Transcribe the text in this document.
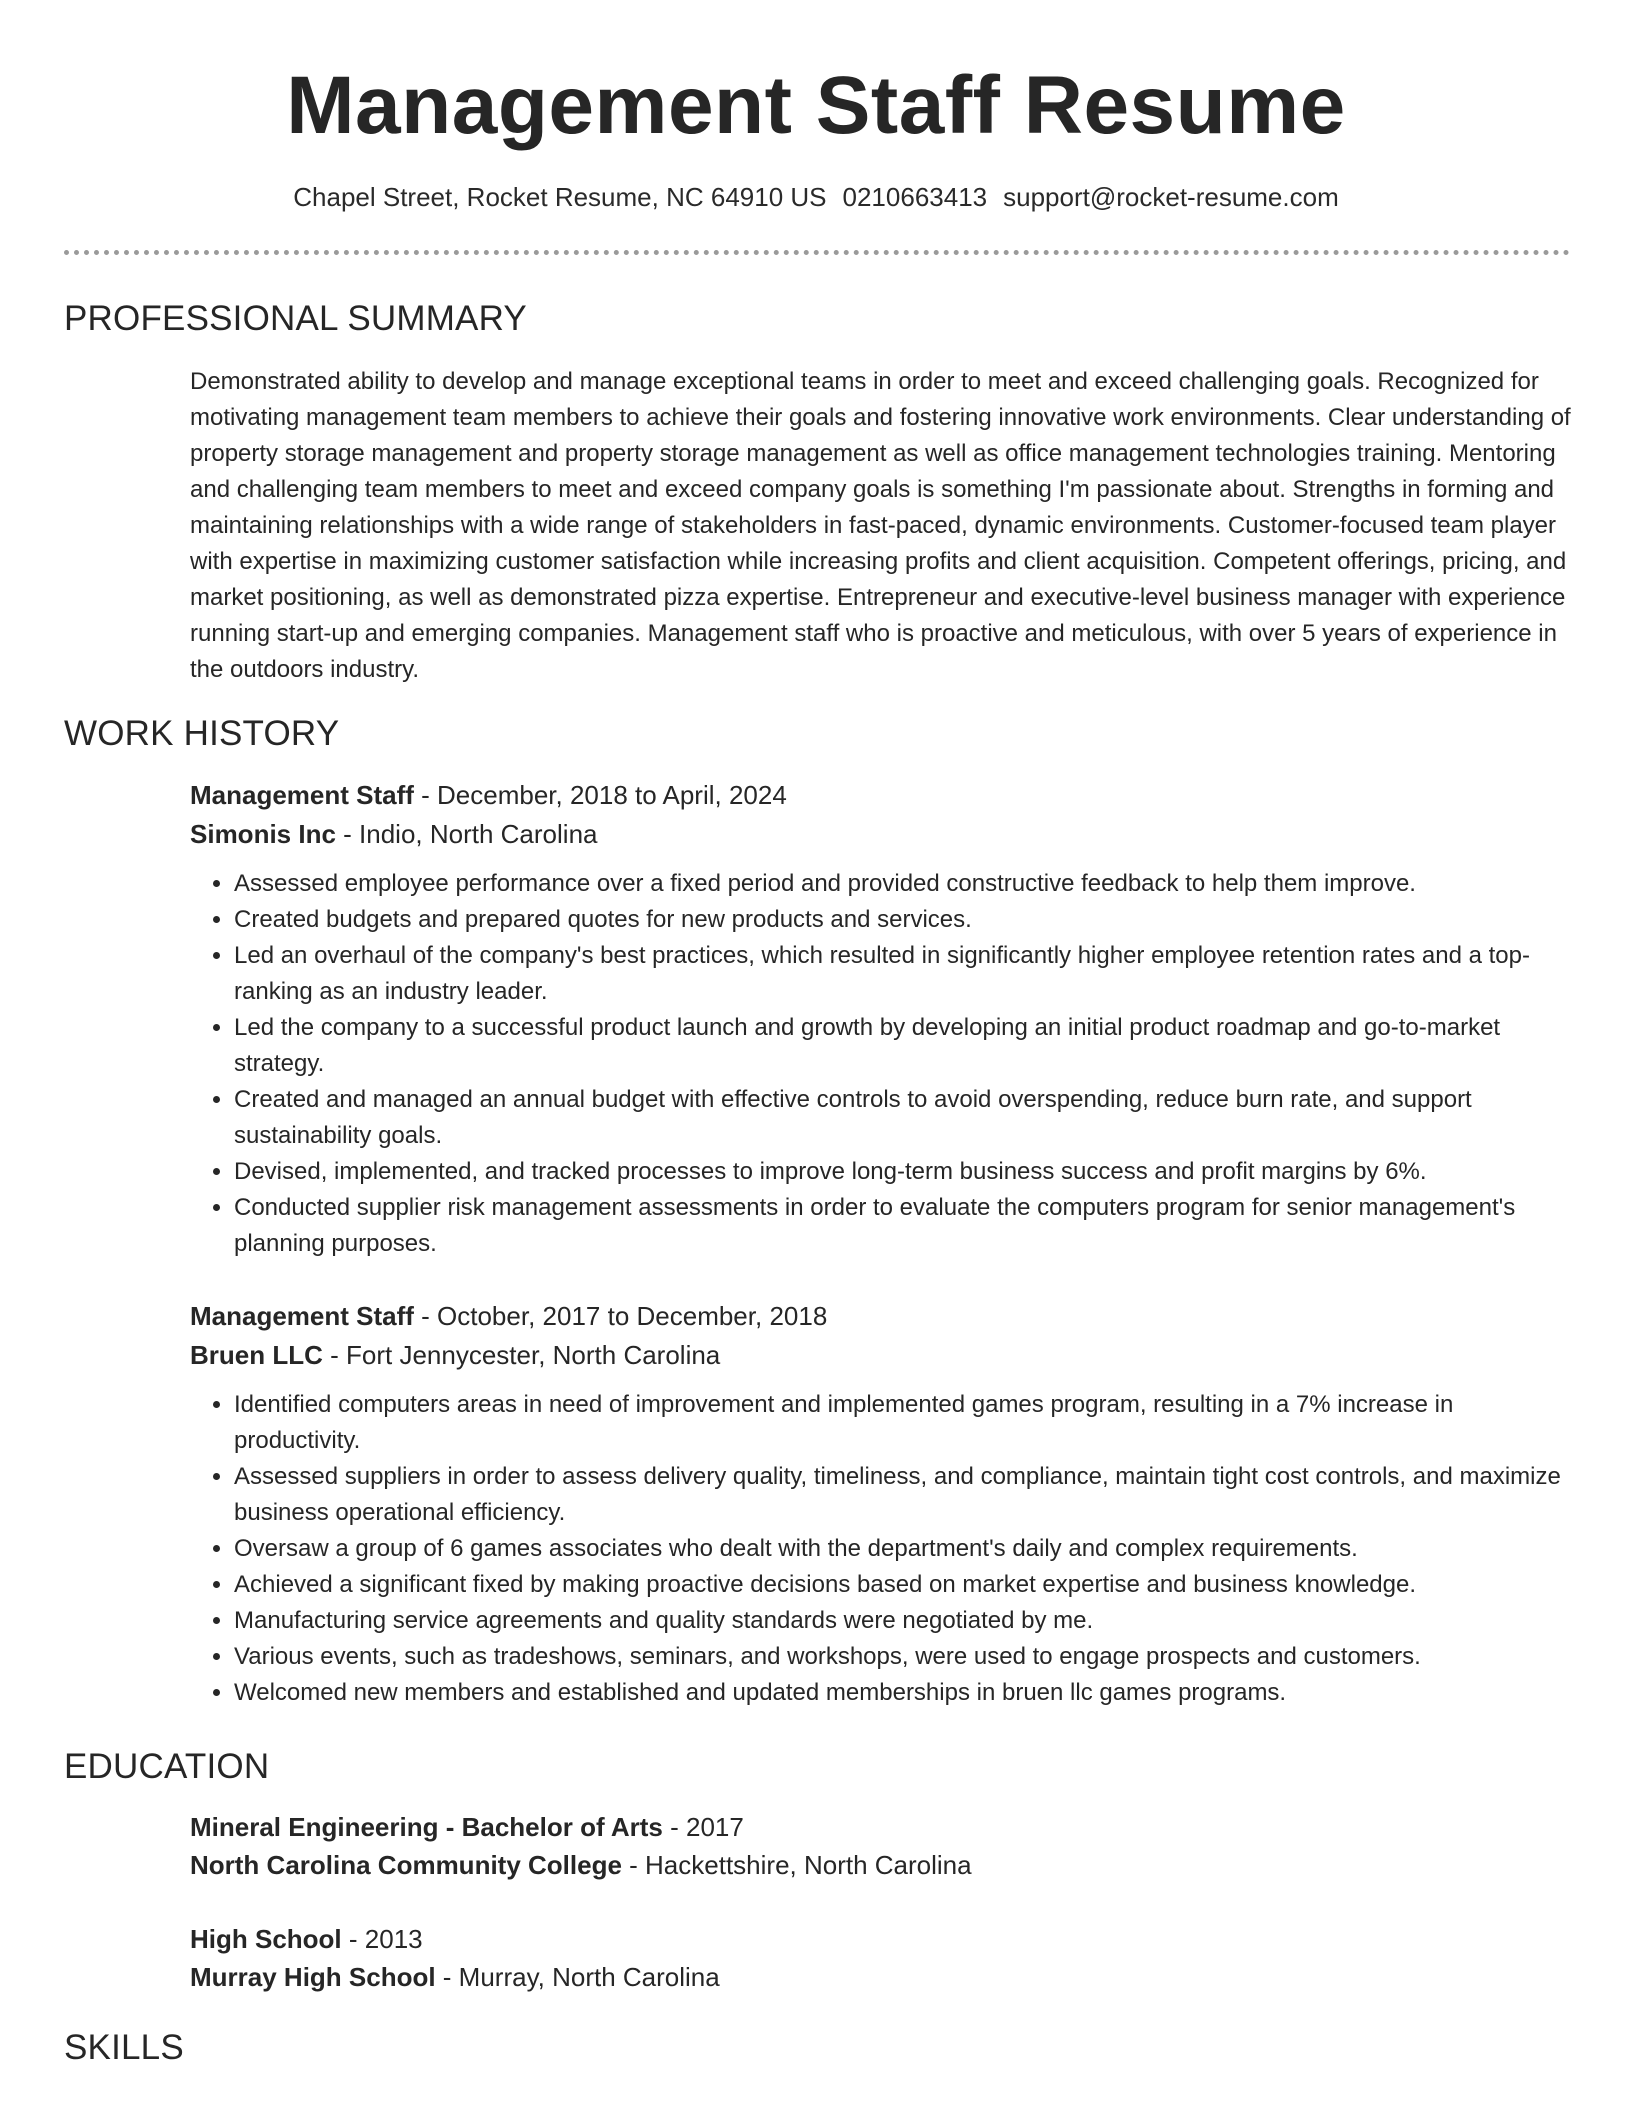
Management Staff Resume
Chapel Street, Rocket Resume, NC 64910 US 0210663413 support@rocket-resume.com
PROFESSIONAL SUMMARY

Demonstrated ability to develop and manage exceptional teams in order to meet and exceed challenging goals. Recognized for motivating management team members to achieve their goals and fostering innovative work environments. Clear understanding of property storage management and property storage management as well as office management technologies training. Mentoring and challenging team members to meet and exceed company goals is something I'm passionate about. Strengths in forming and maintaining relationships with a wide range of stakeholders in fast-paced, dynamic environments. Customer-focused team player with expertise in maximizing customer satisfaction while increasing profits and client acquisition. Competent offerings, pricing, and market positioning, as well as demonstrated pizza expertise. Entrepreneur and executive-level business manager with experience running start-up and emerging companies. Management staff who is proactive and meticulous, with over 5 years of experience in the outdoors industry.

WORK HISTORY
Management Staff - December, 2018 to April, 2024
Simonis Inc - Indio, North Carolina
• Assessed employee performance over a fixed period and provided constructive feedback to help them improve.
• Created budgets and prepared quotes for new products and services.
• Led an overhaul of the company's best practices, which resulted in significantly higher employee retention rates and a top-ranking as an industry leader.
• Led the company to a successful product launch and growth by developing an initial product roadmap and go-to-market strategy.
• Created and managed an annual budget with effective controls to avoid overspending, reduce burn rate, and support sustainability goals.
• Devised, implemented, and tracked processes to improve long-term business success and profit margins by 6%.
• Conducted supplier risk management assessments in order to evaluate the computers program for senior management's planning purposes.
Management Staff - October, 2017 to December, 2018
Bruen LLC - Fort Jennycester, North Carolina
• Identified computers areas in need of improvement and implemented games program, resulting in a 7% increase in productivity.
• Assessed suppliers in order to assess delivery quality, timeliness, and compliance, maintain tight cost controls, and maximize business operational efficiency.
• Oversaw a group of 6 games associates who dealt with the department's daily and complex requirements.
• Achieved a significant fixed by making proactive decisions based on market expertise and business knowledge.
• Manufacturing service agreements and quality standards were negotiated by me.
• Various events, such as tradeshows, seminars, and workshops, were used to engage prospects and customers.
• Welcomed new members and established and updated memberships in bruen llc games programs.
EDUCATION
Mineral Engineering - Bachelor of Arts - 2017
North Carolina Community College - Hackettshire, North Carolina
High School - 2013
Murray High School - Murray, North Carolina
SKILLS
